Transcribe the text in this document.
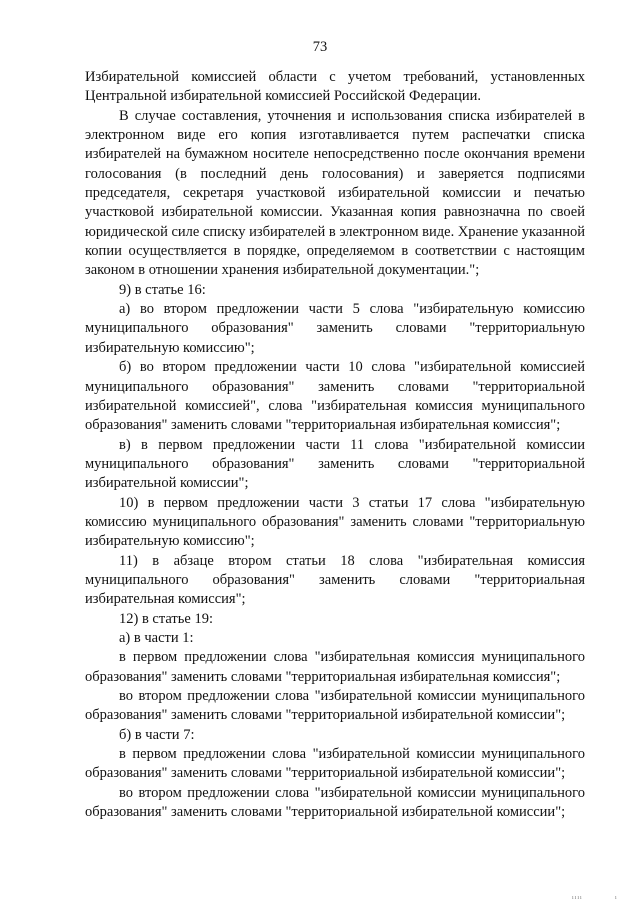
73

Избирательной комиссией области с учетом требований, установленных Центральной избирательной комиссией Российской Федерации.

В случае составления, уточнения и использования списка избирателей в электронном виде его копия изготавливается путем распечатки списка избирателей на бумажном носителе непосредственно после окончания времени голосования (в последний день голосования) и заверяется подписями председателя, секретаря участковой избирательной комиссии и печатью участковой избирательной комиссии. Указанная копия равнозначна по своей юридической силе списку избирателей в электронном виде. Хранение указанной копии осуществляется в порядке, определяемом в соответствии с настоящим законом в отношении хранения избирательной документации.";

9) в статье 16:

а) во втором предложении части 5 слова "избирательную комиссию муниципального образования" заменить словами "территориальную избирательную комиссию";

б) во втором предложении части 10 слова "избирательной комиссией муниципального образования" заменить словами "территориальной избирательной комиссией", слова "избирательная комиссия муниципального образования" заменить словами "территориальная избирательная комиссия";

в) в первом предложении части 11 слова "избирательной комиссии муниципального образования" заменить словами "территориальной избирательной комиссии";

10) в первом предложении части 3 статьи 17 слова "избирательную комиссию муниципального образования" заменить словами "территориальную избирательную комиссию";

11) в абзаце втором статьи 18 слова "избирательная комиссия муниципального образования" заменить словами "территориальная избирательная комиссия";

12) в статье 19:

а) в части 1:

в первом предложении слова "избирательная комиссия муниципального образования" заменить словами "территориальная избирательная комиссия";

во втором предложении слова "избирательной комиссии муниципального образования" заменить словами "территориальной избирательной комиссии";

б) в части 7:

в первом предложении слова "избирательной комиссии муниципального образования" заменить словами "территориальной избирательной комиссии";

во втором предложении слова "избирательной комиссии муниципального образования" заменить словами "территориальной избирательной комиссии";

ıııı	ı
